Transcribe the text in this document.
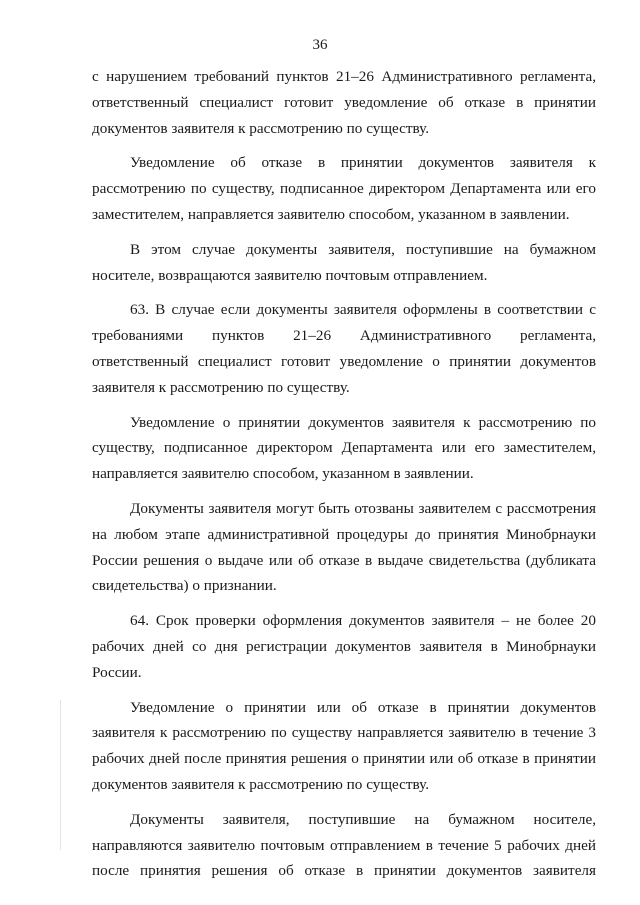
36

с нарушением требований пунктов 21–26 Административного регламента, ответственный специалист готовит уведомление об отказе в принятии документов заявителя к рассмотрению по существу.

Уведомление об отказе в принятии документов заявителя к рассмотрению по существу, подписанное директором Департамента или его заместителем, направляется заявителю способом, указанном в заявлении.

В этом случае документы заявителя, поступившие на бумажном носителе, возвращаются заявителю почтовым отправлением.

63. В случае если документы заявителя оформлены в соответствии с требованиями пунктов 21–26 Административного регламента, ответственный специалист готовит уведомление о принятии документов заявителя к рассмотрению по существу.

Уведомление о принятии документов заявителя к рассмотрению по существу, подписанное директором Департамента или его заместителем, направляется заявителю способом, указанном в заявлении.

Документы заявителя могут быть отозваны заявителем с рассмотрения на любом этапе административной процедуры до принятия Минобрнауки России решения о выдаче или об отказе в выдаче свидетельства (дубликата свидетельства) о признании.

64. Срок проверки оформления документов заявителя – не более 20 рабочих дней со дня регистрации документов заявителя в Минобрнауки России.

Уведомление о принятии или об отказе в принятии документов заявителя к рассмотрению по существу направляется заявителю в течение 3 рабочих дней после принятия решения о принятии или об отказе в принятии документов заявителя к рассмотрению по существу.

Документы заявителя, поступившие на бумажном носителе, направляются заявителю почтовым отправлением в течение 5 рабочих дней после принятия решения об отказе в принятии документов заявителя
